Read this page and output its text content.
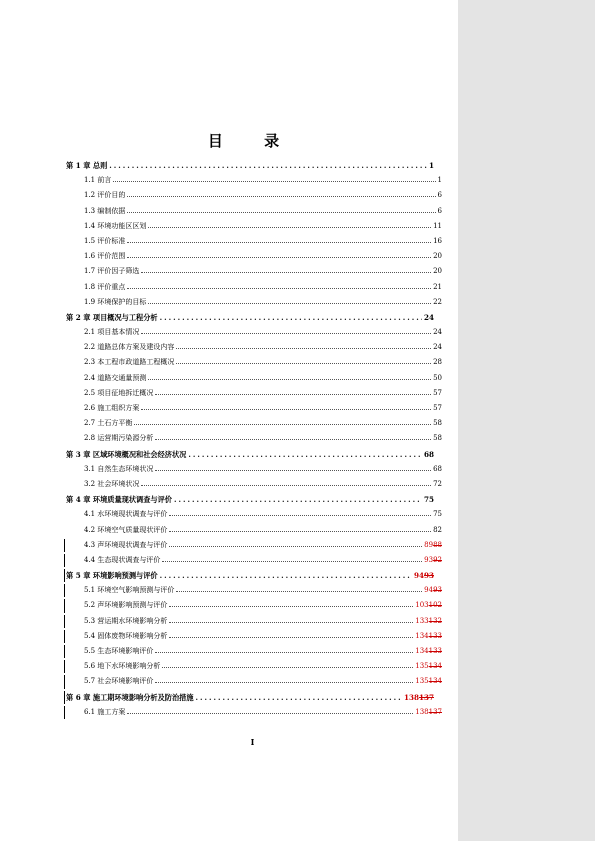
目 录
第 1 章 总则 .....	1
1.1 前言	1
1.2 评价目的	6
1.3 编制依据	6
1.4 环境功能区区划	11
1.5 评价标准	16
1.6 评价范围	20
1.7 评价因子筛选	20
1.8 评价重点	21
1.9 环境保护的目标	22
第 2 章 项目概况与工程分析 .....	24
2.1 项目基本情况	24
2.2 道路总体方案及建设内容	24
2.3 本工程市政道路工程概况	28
2.4 道路交通量预测	50
2.5 项目征地拆迁概况	57
2.6 施工组织方案	57
2.7 土石方平衡	58
2.8 运营期污染源分析	58
第 3 章 区域环境概况和社会经济状况 .....	68
3.1 自然生态环境状况	68
3.2 社会环境状况	72
第 4 章 环境质量现状调查与评价 .....	75
4.1 水环境现状调查与评价	75
4.2 环境空气质量现状评价	82
4.3 声环境现状调查与评价	8988
4.4 生态现状调查与评价	9392
第 5 章 环境影响预测与评价 .....	9493
5.1 环境空气影响预测与评价	9493
5.2 声环境影响预测与评价	103102
5.3 营运期水环境影响分析	133132
5.4 固体废物环境影响分析	134133
5.5 生态环境影响评价	134133
5.6 地下水环境影响分析	135134
5.7 社会环境影响评价	135134
第 6 章 施工期环境影响分析及防治措施 .....	138137
6.1 施工方案	138137
I
